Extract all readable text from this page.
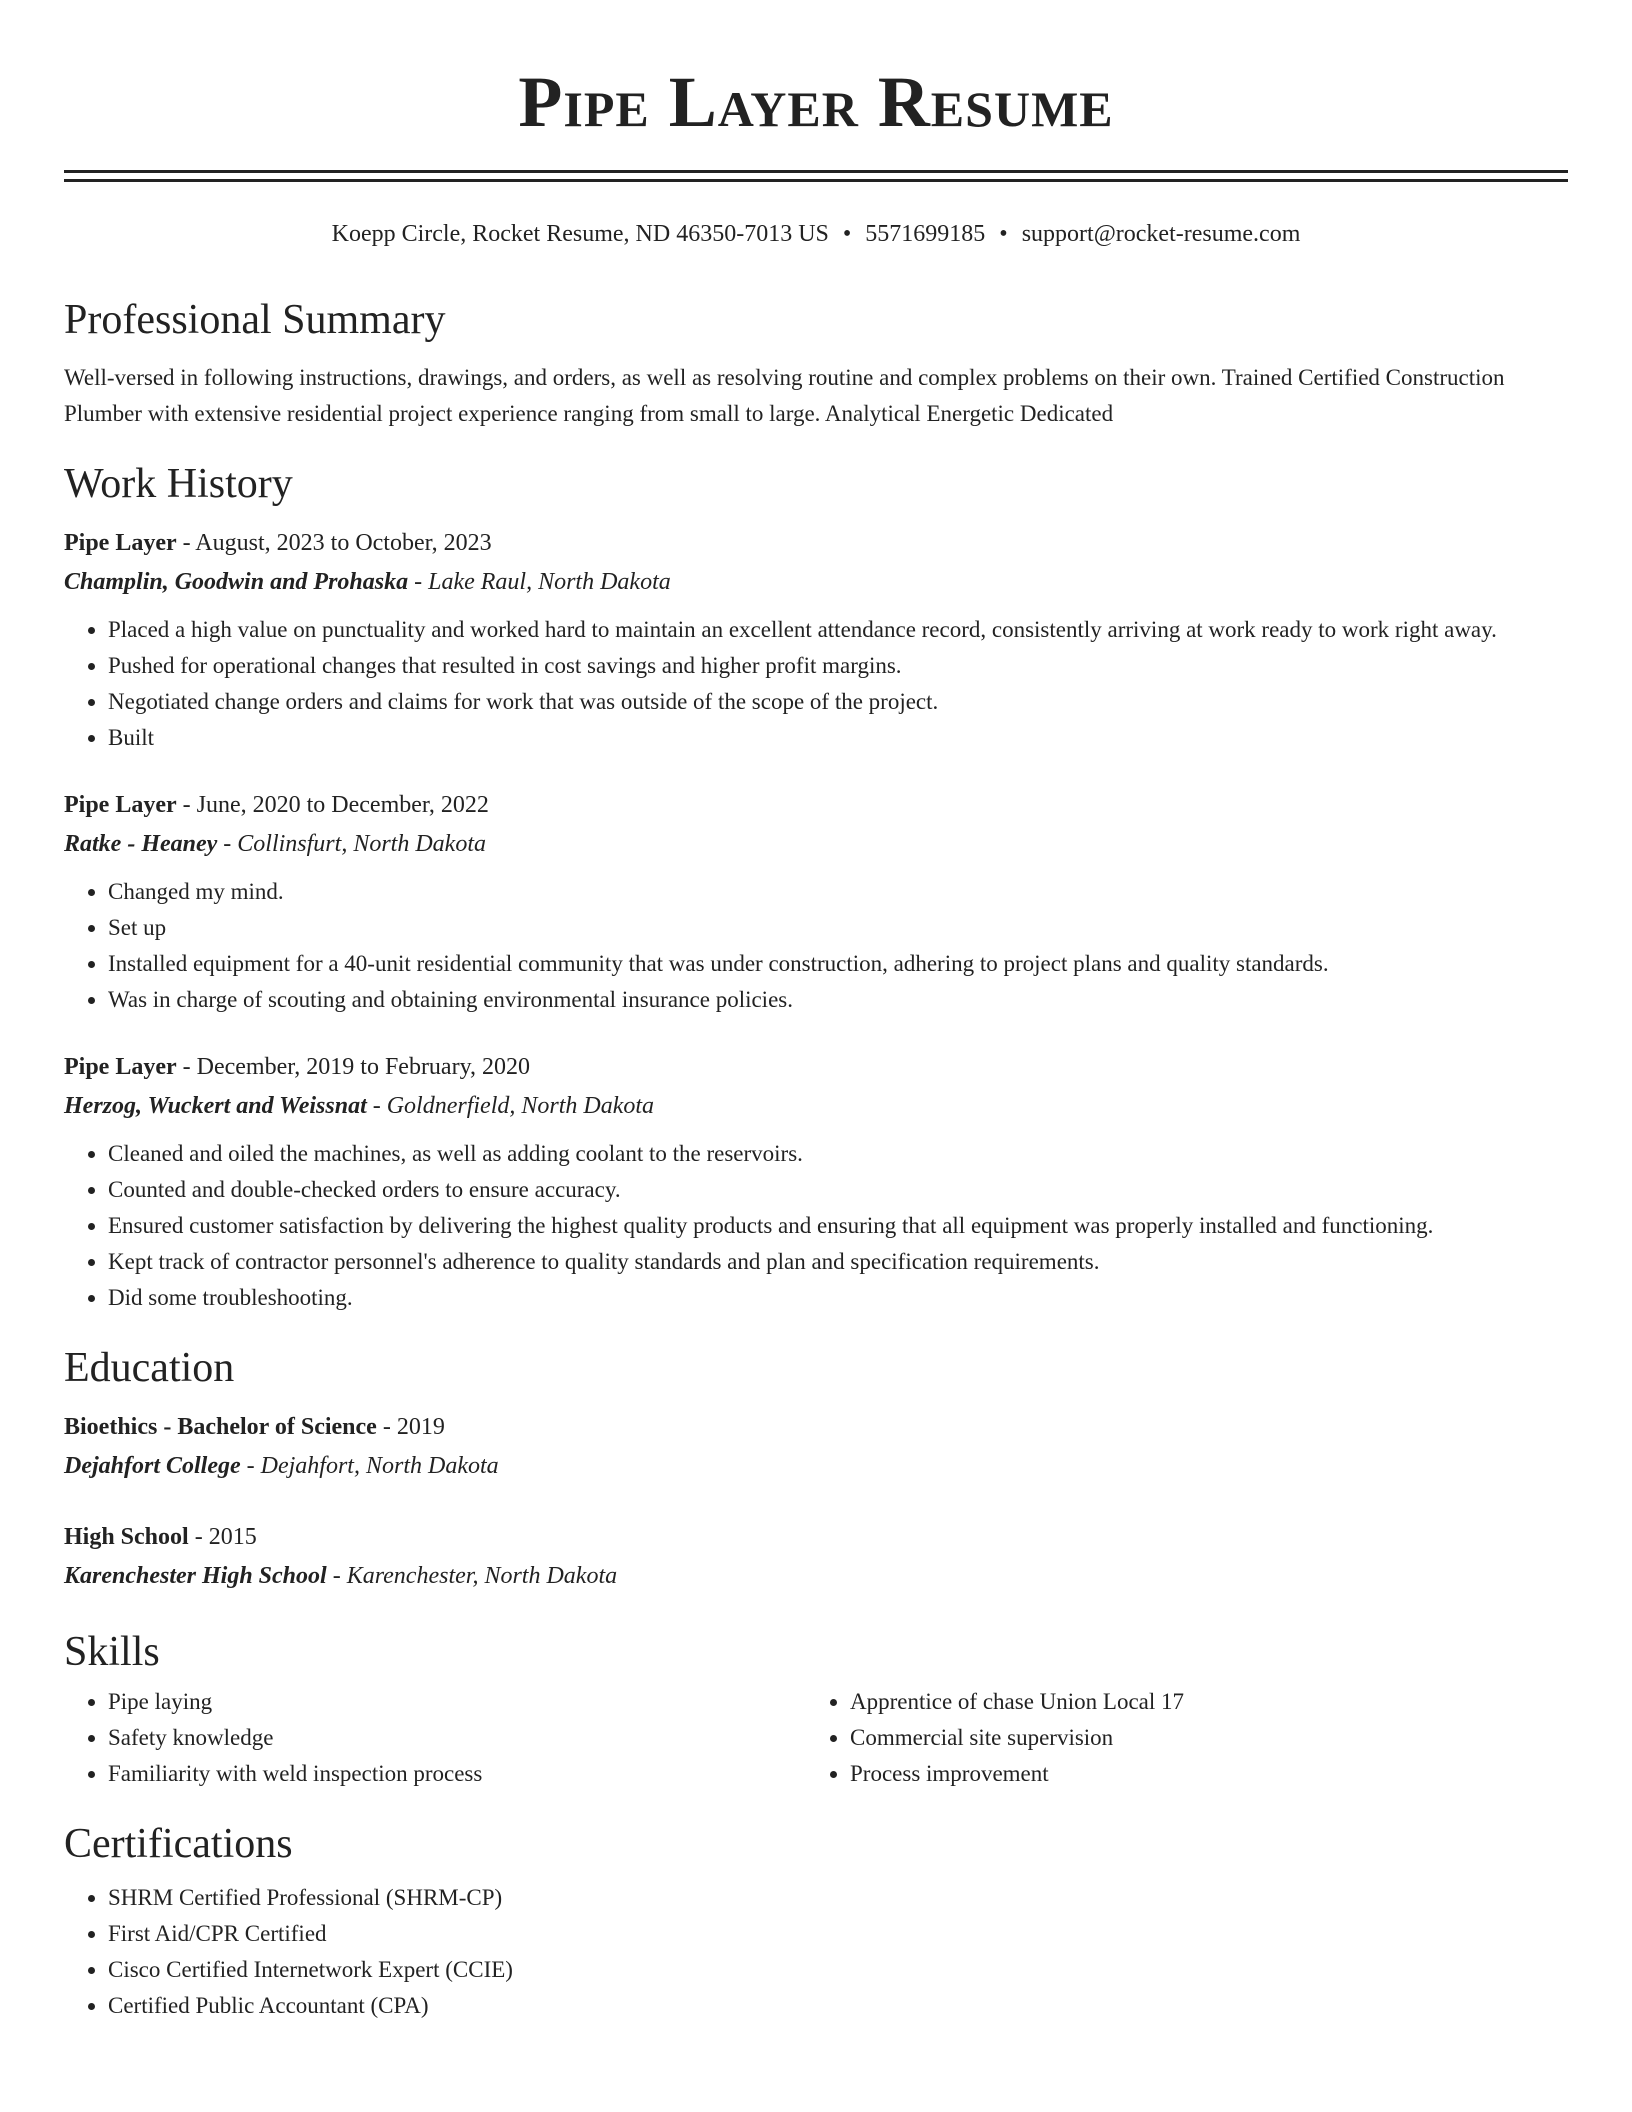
Pipe Layer Resume
Koepp Circle, Rocket Resume, ND 46350-7013 US • 5571699185 • support@rocket-resume.com
Professional Summary
Well-versed in following instructions, drawings, and orders, as well as resolving routine and complex problems on their own. Trained Certified Construction Plumber with extensive residential project experience ranging from small to large. Analytical Energetic Dedicated
Work History
Pipe Layer - August, 2023 to October, 2023
Champlin, Goodwin and Prohaska - Lake Raul, North Dakota
• Placed a high value on punctuality and worked hard to maintain an excellent attendance record, consistently arriving at work ready to work right away.
• Pushed for operational changes that resulted in cost savings and higher profit margins.
• Negotiated change orders and claims for work that was outside of the scope of the project.
• Built
Pipe Layer - June, 2020 to December, 2022
Ratke - Heaney - Collinsfurt, North Dakota
• Changed my mind.
• Set up
• Installed equipment for a 40-unit residential community that was under construction, adhering to project plans and quality standards.
• Was in charge of scouting and obtaining environmental insurance policies.
Pipe Layer - December, 2019 to February, 2020
Herzog, Wuckert and Weissnat - Goldnerfield, North Dakota
• Cleaned and oiled the machines, as well as adding coolant to the reservoirs.
• Counted and double-checked orders to ensure accuracy.
• Ensured customer satisfaction by delivering the highest quality products and ensuring that all equipment was properly installed and functioning.
• Kept track of contractor personnel's adherence to quality standards and plan and specification requirements.
• Did some troubleshooting.
Education
Bioethics - Bachelor of Science - 2019
Dejahfort College - Dejahfort, North Dakota
High School - 2015
Karenchester High School - Karenchester, North Dakota
Skills
• Pipe laying
• Safety knowledge
• Familiarity with weld inspection process
• Apprentice of chase Union Local 17
• Commercial site supervision
• Process improvement
Certifications
• SHRM Certified Professional (SHRM-CP)
• First Aid/CPR Certified
• Cisco Certified Internetwork Expert (CCIE)
• Certified Public Accountant (CPA)
